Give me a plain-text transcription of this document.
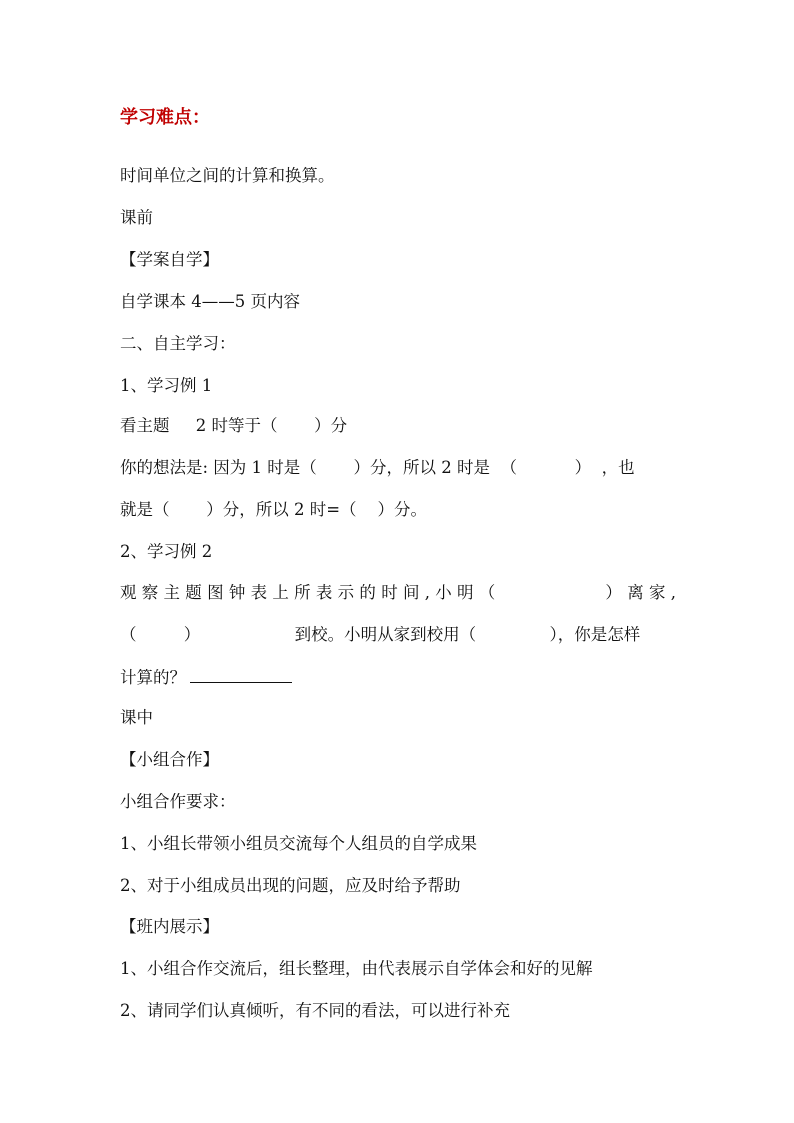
学习难点：
时间单位之间的计算和换算。
课前
【学案自学】
自学课本 4——5 页内容
二、自主学习：
1、学习例 1
看主题     2 时等于（       ）分
你的想法是: 因为 1 时是（       ）分，所以 2 时是  （           ）  ，也
就是（       ）分，所以 2 时=（    ）分。
2、学习例 2
观 察 主 题 图 钟 表 上 所 表 示 的 时 间 , 小 明 （ ） 离 家 ,
（         ）                  到校。小明从家到校用（              ），你是怎样
计算的？
课中
【小组合作】
小组合作要求：
1、小组长带领小组员交流每个人组员的自学成果
2、对于小组成员出现的问题，应及时给予帮助
【班内展示】
1、小组合作交流后，组长整理，由代表展示自学体会和好的见解
2、请同学们认真倾听，有不同的看法，可以进行补充
